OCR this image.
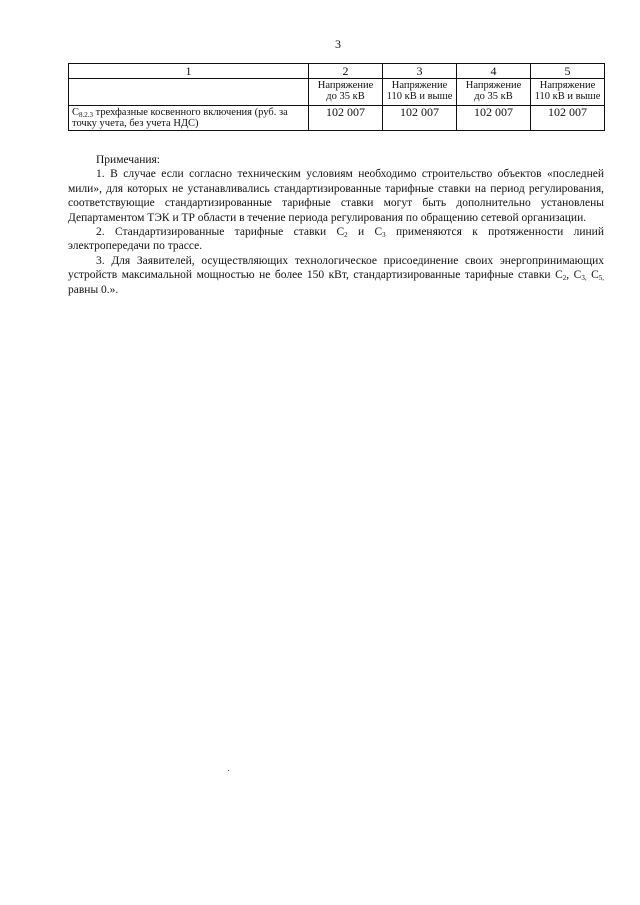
3
1	2	3	4	5
	Напряжение до 35 кВ	Напряжение 110 кВ и выше	Напряжение до 35 кВ	Напряжение 110 кВ и выше
$С_{8.2.3}$ трехфазные косвенного включения (руб. за точку учета, без учета НДС)	102 007	102 007	102 007	102 007
Примечания:

1. В случае если согласно техническим условиям необходимо строительство объектов «последней мили», для которых не устанавливались стандартизированные тарифные ставки на период регулирования, соответствующие стандартизированные тарифные ставки могут быть дополнительно установлены Департаментом ТЭК и ТР области в течение периода регулирования по обращению сетевой организации.

2. Стандартизированные тарифные ставки $С_2$ и $С_3$ применяются к протяженности линий электропередачи по трассе.

3. Для Заявителей, осуществляющих технологическое присоединение своих энергопринимающих устройств максимальной мощностью не более 150 кВт, стандартизированные тарифные ставки $С_2$, $С_{3,}$ $С_{5,}$ равны 0.».
